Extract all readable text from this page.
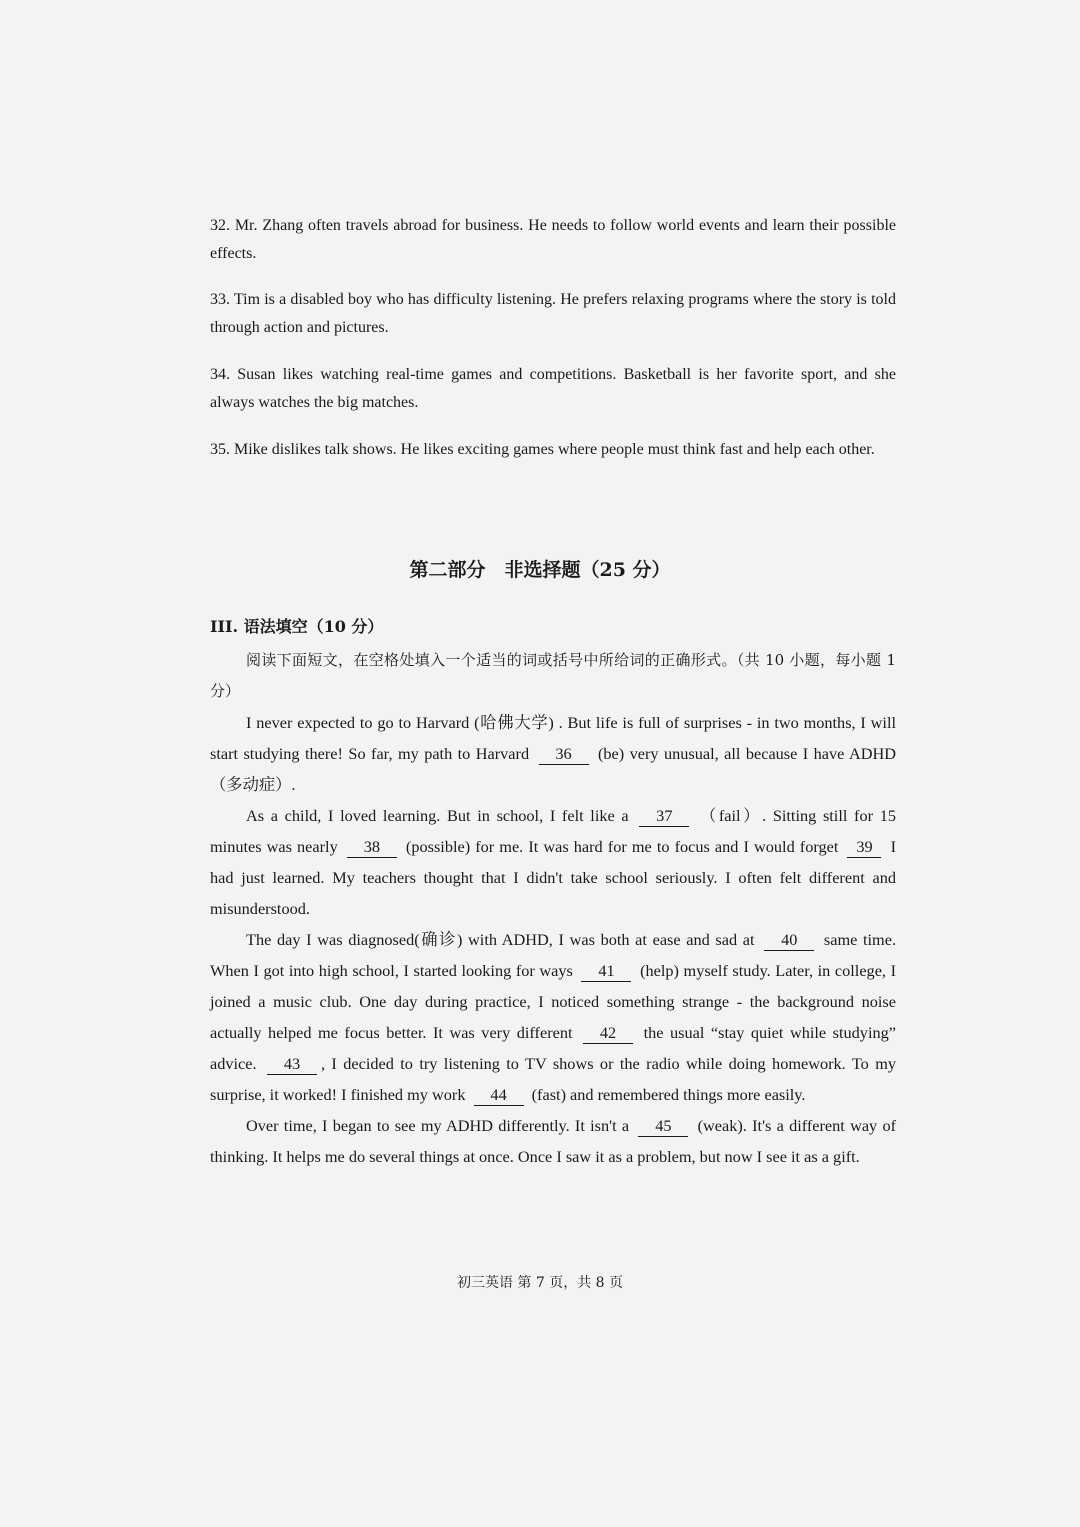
32. Mr. Zhang often travels abroad for business. He needs to follow world events and learn their possible effects.
33. Tim is a disabled boy who has difficulty listening. He prefers relaxing programs where the story is told through action and pictures.
34. Susan likes watching real-time games and competitions. Basketball is her favorite sport, and she always watches the big matches.
35. Mike dislikes talk shows. He likes exciting games where people must think fast and help each other.
第二部分　非选择题（25 分）
III. 语法填空（10 分）

阅读下面短文，在空格处填入一个适当的词或括号中所给词的正确形式。（共 10 小题，每小题 1 分）

I never expected to go to Harvard (哈佛大学) . But life is full of surprises - in two months, I will start studying there! So far, my path to Harvard 36 (be) very unusual, all because I have ADHD（多动症）.

As a child, I loved learning. But in school, I felt like a 37 （fail）. Sitting still for 15 minutes was nearly 38 (possible) for me. It was hard for me to focus and I would forget 39 I had just learned. My teachers thought that I didn't take school seriously. I often felt different and misunderstood.

The day I was diagnosed(确诊) with ADHD, I was both at ease and sad at 40 same time. When I got into high school, I started looking for ways 41 (help) myself study. Later, in college, I joined a music club. One day during practice, I noticed something strange - the background noise actually helped me focus better. It was very different 42 the usual “stay quiet while studying” advice. 43 , I decided to try listening to TV shows or the radio while doing homework. To my surprise, it worked! I finished my work 44 (fast) and remembered things more easily.

Over time, I began to see my ADHD differently. It isn't a 45 (weak). It's a different way of thinking. It helps me do several things at once. Once I saw it as a problem, but now I see it as a gift.

初三英语 第 7 页，共 8 页
